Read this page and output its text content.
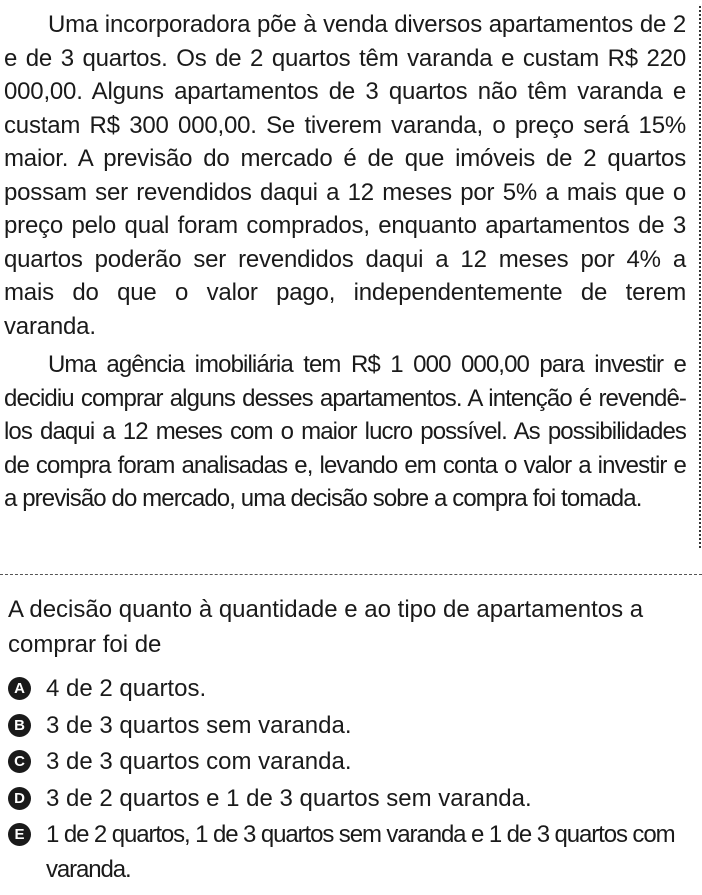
Uma incorporadora põe à venda diversos apartamentos de 2 e de 3 quartos. Os de 2 quartos têm varanda e custam R$ 220 000,00. Alguns apartamentos de 3 quartos não têm varanda e custam R$ 300 000,00. Se tiverem varanda, o preço será 15% maior. A previsão do mercado é de que imóveis de 2 quartos possam ser revendidos daqui a 12 meses por 5% a mais que o preço pelo qual foram comprados, enquanto apartamentos de 3 quartos poderão ser revendidos daqui a 12 meses por 4% a mais do que o valor pago, independentemente de terem varanda.

Uma agência imobiliária tem R$ 1 000 000,00 para investir e decidiu comprar alguns desses apartamentos. A intenção é revendê-los daqui a 12 meses com o maior lucro possível. As possibilidades de compra foram analisadas e, levando em conta o valor a investir e a previsão do mercado, uma decisão sobre a compra foi tomada.

A decisão quanto à quantidade e ao tipo de apartamentos a comprar foi de

A 4 de 2 quartos.
B 3 de 3 quartos sem varanda.
C 3 de 3 quartos com varanda.
D 3 de 2 quartos e 1 de 3 quartos sem varanda.
E 1 de 2 quartos, 1 de 3 quartos sem varanda e 1 de 3 quartos com varanda.
